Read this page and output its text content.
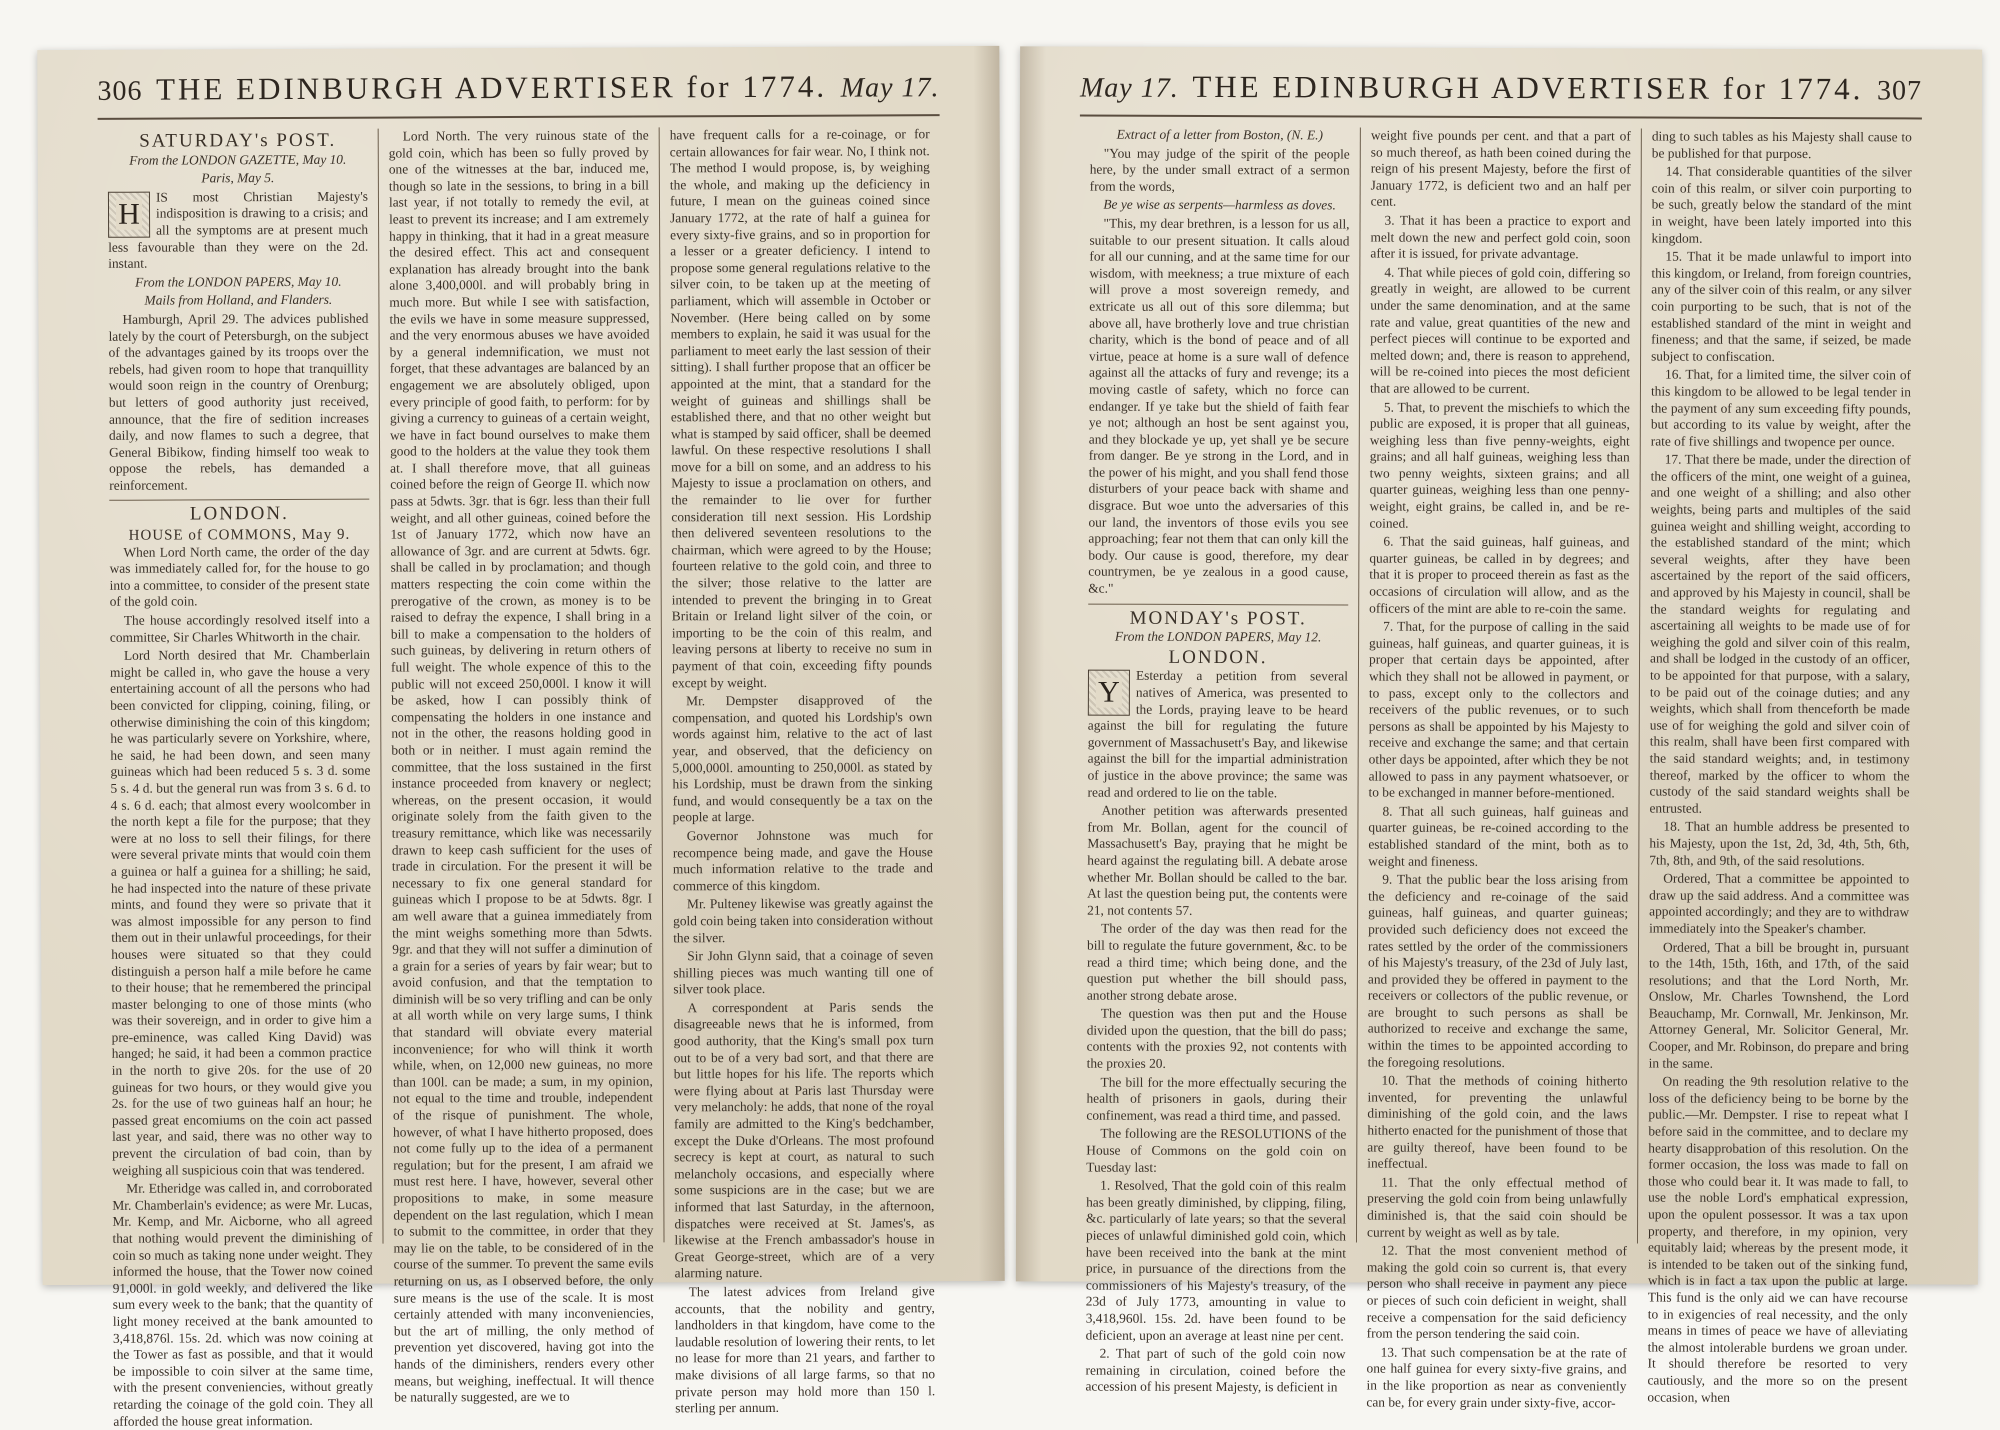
306 THE EDINBURGH ADVERTISER for 1774. May 17.
SATURDAY's POST.
From the LONDON GAZETTE, May 10.
Paris, May 5.
H

IS most Christian Majesty's indisposition is drawing to a crisis; and all the symptoms are at present much less favourable than they were on the 2d. instant.

From the LONDON PAPERS, May 10.
Mails from Holland, and Flanders.

Hamburgh, April 29. The advices published lately by the court of Petersburgh, on the subject of the advantages gained by its troops over the rebels, had given room to hope that tranquillity would soon reign in the country of Orenburg; but letters of good authority just received, announce, that the fire of sedition increases daily, and now flames to such a degree, that General Bibikow, finding himself too weak to oppose the rebels, has demanded a reinforcement.

LONDON.
HOUSE of COMMONS, May 9.

When Lord North came, the order of the day was immediately called for, for the house to go into a committee, to consider of the present state of the gold coin.

The house accordingly resolved itself into a committee, Sir Charles Whitworth in the chair.

Lord North desired that Mr. Chamberlain might be called in, who gave the house a very entertaining account of all the persons who had been convicted for clipping, coining, filing, or otherwise diminishing the coin of this kingdom; he was particularly severe on Yorkshire, where, he said, he had been down, and seen many guineas which had been reduced 5 s. 3 d. some 5 s. 4 d. but the general run was from 3 s. 6 d. to 4 s. 6 d. each; that almost every woolcomber in the north kept a file for the purpose; that they were at no loss to sell their filings, for there were several private mints that would coin them a guinea or half a guinea for a shilling; he said, he had inspected into the nature of these private mints, and found they were so private that it was almost impossible for any person to find them out in their unlawful proceedings, for their houses were situated so that they could distinguish a person half a mile before he came to their house; that he remembered the principal master belonging to one of those mints (who was their sovereign, and in order to give him a pre-eminence, was called King David) was hanged; he said, it had been a common practice in the north to give 20s. for the use of 20 guineas for two hours, or they would give you 2s. for the use of two guineas half an hour; he passed great encomiums on the coin act passed last year, and said, there was no other way to prevent the circulation of bad coin, than by weighing all suspicious coin that was tendered.

Mr. Etheridge was called in, and corroborated Mr. Chamberlain's evidence; as were Mr. Lucas, Mr. Kemp, and Mr. Aicborne, who all agreed that nothing would prevent the diminishing of coin so much as taking none under weight. They informed the house, that the Tower now coined 91,000l. in gold weekly, and delivered the like sum every week to the bank; that the quantity of light money received at the bank amounted to 3,418,876l. 15s. 2d. which was now coining at the Tower as fast as possible, and that it would be impossible to coin silver at the same time, with the present conveniencies, without greatly retarding the coinage of the gold coin. They all afforded the house great information.

Lord North. The very ruinous state of the gold coin, which has been so fully proved by one of the witnesses at the bar, induced me, though so late in the sessions, to bring in a bill last year, if not totally to remedy the evil, at least to prevent its increase; and I am extremely happy in thinking, that it had in a great measure the desired effect. This act and consequent explanation has already brought into the bank alone 3,400,000l. and will probably bring in much more. But while I see with satisfaction, the evils we have in some measure suppressed, and the very enormous abuses we have avoided by a general indemnification, we must not forget, that these advantages are balanced by an engagement we are absolutely obliged, upon every principle of good faith, to perform: for by giving a currency to guineas of a certain weight, we have in fact bound ourselves to make them good to the holders at the value they took them at. I shall therefore move, that all guineas coined before the reign of George II. which now pass at 5dwts. 3gr. that is 6gr. less than their full weight, and all other guineas, coined before the 1st of January 1772, which now have an allowance of 3gr. and are current at 5dwts. 6gr. shall be called in by proclamation; and though matters respecting the coin come within the prerogative of the crown, as money is to be raised to defray the expence, I shall bring in a bill to make a compensation to the holders of such guineas, by delivering in return others of full weight. The whole expence of this to the public will not exceed 250,000l. I know it will be asked, how I can possibly think of compensating the holders in one instance and not in the other, the reasons holding good in both or in neither. I must again remind the committee, that the loss sustained in the first instance proceeded from knavery or neglect; whereas, on the present occasion, it would originate solely from the faith given to the treasury remittance, which like was necessarily drawn to keep cash sufficient for the uses of trade in circulation. For the present it will be necessary to fix one general standard for guineas which I propose to be at 5dwts. 8gr. I am well aware that a guinea immediately from the mint weighs something more than 5dwts. 9gr. and that they will not suffer a diminution of a grain for a series of years by fair wear; but to avoid confusion, and that the temptation to diminish will be so very trifling and can be only at all worth while on very large sums, I think that standard will obviate every material inconvenience; for who will think it worth while, when, on 12,000 new guineas, no more than 100l. can be made; a sum, in my opinion, not equal to the time and trouble, independent of the risque of punishment. The whole, however, of what I have hitherto proposed, does not come fully up to the idea of a permanent regulation; but for the present, I am afraid we must rest here. I have, however, several other propositions to make, in some measure dependent on the last regulation, which I mean to submit to the committee, in order that they may lie on the table, to be considered of in the course of the summer. To prevent the same evils returning on us, as I observed before, the only sure means is the use of the scale. It is most certainly attended with many inconveniencies, but the art of milling, the only method of prevention yet discovered, having got into the hands of the diminishers, renders every other means, but weighing, ineffectual. It will thence be naturally suggested, are we to

have frequent calls for a re-coinage, or for certain allowances for fair wear. No, I think not. The method I would propose, is, by weighing the whole, and making up the deficiency in future, I mean on the guineas coined since January 1772, at the rate of half a guinea for every sixty-five grains, and so in proportion for a lesser or a greater deficiency. I intend to propose some general regulations relative to the silver coin, to be taken up at the meeting of parliament, which will assemble in October or November. (Here being called on by some members to explain, he said it was usual for the parliament to meet early the last session of their sitting). I shall further propose that an officer be appointed at the mint, that a standard for the weight of guineas and shillings shall be established there, and that no other weight but what is stamped by said officer, shall be deemed lawful. On these respective resolutions I shall move for a bill on some, and an address to his Majesty to issue a proclamation on others, and the remainder to lie over for further consideration till next session. His Lordship then delivered seventeen resolutions to the chairman, which were agreed to by the House; fourteen relative to the gold coin, and three to the silver; those relative to the latter are intended to prevent the bringing in to Great Britain or Ireland light silver of the coin, or importing to be the coin of this realm, and leaving persons at liberty to receive no sum in payment of that coin, exceeding fifty pounds except by weight.

Mr. Dempster disapproved of the compensation, and quoted his Lordship's own words against him, relative to the act of last year, and observed, that the deficiency on 5,000,000l. amounting to 250,000l. as stated by his Lordship, must be drawn from the sinking fund, and would consequently be a tax on the people at large.

Governor Johnstone was much for recompence being made, and gave the House much information relative to the trade and commerce of this kingdom.

Mr. Pulteney likewise was greatly against the gold coin being taken into consideration without the silver.

Sir John Glynn said, that a coinage of seven shilling pieces was much wanting till one of silver took place.

A correspondent at Paris sends the disagreeable news that he is informed, from good authority, that the King's small pox turn out to be of a very bad sort, and that there are but little hopes for his life. The reports which were flying about at Paris last Thursday were very melancholy: he adds, that none of the royal family are admitted to the King's bedchamber, except the Duke d'Orleans. The most profound secrecy is kept at court, as natural to such melancholy occasions, and especially where some suspicions are in the case; but we are informed that last Saturday, in the afternoon, dispatches were received at St. James's, as likewise at the French ambassador's house in Great George-street, which are of a very alarming nature.

The latest advices from Ireland give accounts, that the nobility and gentry, landholders in that kingdom, have come to the laudable resolution of lowering their rents, to let no lease for more than 21 years, and farther to make divisions of all large farms, so that no private person may hold more than 150 l. sterling per annum.

May 17. THE EDINBURGH ADVERTISER for 1774. 307
Extract of a letter from Boston, (N. E.)

"You may judge of the spirit of the people here, by the under small extract of a sermon from the words,

Be ye wise as serpents—harmless as doves.

"This, my dear brethren, is a lesson for us all, suitable to our present situation. It calls aloud for all our cunning, and at the same time for our wisdom, with meekness; a true mixture of each will prove a most sovereign remedy, and extricate us all out of this sore dilemma; but above all, have brotherly love and true christian charity, which is the bond of peace and of all virtue, peace at home is a sure wall of defence against all the attacks of fury and revenge; its a moving castle of safety, which no force can endanger. If ye take but the shield of faith fear ye not; although an host be sent against you, and they blockade ye up, yet shall ye be secure from danger. Be ye strong in the Lord, and in the power of his might, and you shall fend those disturbers of your peace back with shame and disgrace. But woe unto the adversaries of this our land, the inventors of those evils you see approaching; fear not them that can only kill the body. Our cause is good, therefore, my dear countrymen, be ye zealous in a good cause, &c."

MONDAY's POST.
From the LONDON PAPERS, May 12.
LONDON.
Y	Esterday a petition from several natives of America, was presented to the Lords, praying leave to be heard against the bill for regulating the future government of Massachusett's Bay, and likewise against the bill for the impartial administration of justice in the above province; the same was read and ordered to lie on the table.

Another petition was afterwards presented from Mr. Bollan, agent for the council of Massachusett's Bay, praying that he might be heard against the regulating bill. A debate arose whether Mr. Bollan should be called to the bar. At last the question being put, the contents were 21, not contents 57.

The order of the day was then read for the bill to regulate the future government, &c. to be read a third time; which being done, and the question put whether the bill should pass, another strong debate arose.

The question was then put and the House divided upon the question, that the bill do pass; contents with the proxies 92, not contents with the proxies 20.

The bill for the more effectually securing the health of prisoners in gaols, during their confinement, was read a third time, and passed.

The following are the RESOLUTIONS of the House of Commons on the gold coin on Tuesday last:

1. Resolved, That the gold coin of this realm has been greatly diminished, by clipping, filing, &c. particularly of late years; so that the several pieces of unlawful diminished gold coin, which have been received into the bank at the mint price, in pursuance of the directions from the commissioners of his Majesty's treasury, of the 23d of July 1773, amounting in value to 3,418,960l. 15s. 2d. have been found to be deficient, upon an average at least nine per cent.

2. That part of such of the gold coin now remaining in circulation, coined before the accession of his present Majesty, is deficient in

weight five pounds per cent. and that a part of so much thereof, as hath been coined during the reign of his present Majesty, before the first of January 1772, is deficient two and an half per cent.

3. That it has been a practice to export and melt down the new and perfect gold coin, soon after it is issued, for private advantage.

4. That while pieces of gold coin, differing so greatly in weight, are allowed to be current under the same denomination, and at the same rate and value, great quantities of the new and perfect pieces will continue to be exported and melted down; and, there is reason to apprehend, will be re-coined into pieces the most deficient that are allowed to be current.

5. That, to prevent the mischiefs to which the public are exposed, it is proper that all guineas, weighing less than five penny-weights, eight grains; and all half guineas, weighing less than two penny weights, sixteen grains; and all quarter guineas, weighing less than one penny-weight, eight grains, be called in, and be re-coined.

6. That the said guineas, half guineas, and quarter guineas, be called in by degrees; and that it is proper to proceed therein as fast as the occasions of circulation will allow, and as the officers of the mint are able to re-coin the same.

7. That, for the purpose of calling in the said guineas, half guineas, and quarter guineas, it is proper that certain days be appointed, after which they shall not be allowed in payment, or to pass, except only to the collectors and receivers of the public revenues, or to such persons as shall be appointed by his Majesty to receive and exchange the same; and that certain other days be appointed, after which they be not allowed to pass in any payment whatsoever, or to be exchanged in manner before-mentioned.

8. That all such guineas, half guineas and quarter guineas, be re-coined according to the established standard of the mint, both as to weight and fineness.

9. That the public bear the loss arising from the deficiency and re-coinage of the said guineas, half guineas, and quarter guineas; provided such deficiency does not exceed the rates settled by the order of the commissioners of his Majesty's treasury, of the 23d of July last, and provided they be offered in payment to the receivers or collectors of the public revenue, or are brought to such persons as shall be authorized to receive and exchange the same, within the times to be appointed according to the foregoing resolutions.

10. That the methods of coining hitherto invented, for preventing the unlawful diminishing of the gold coin, and the laws hitherto enacted for the punishment of those that are guilty thereof, have been found to be ineffectual.

11. That the only effectual method of preserving the gold coin from being unlawfully diminished is, that the said coin should be current by weight as well as by tale.

12. That the most convenient method of making the gold coin so current is, that every person who shall receive in payment any piece or pieces of such coin deficient in weight, shall receive a compensation for the said deficiency from the person tendering the said coin.

13. That such compensation be at the rate of one half guinea for every sixty-five grains, and in the like proportion as near as conveniently can be, for every grain under sixty-five, accor-

ding to such tables as his Majesty shall cause to be published for that purpose.

14. That considerable quantities of the silver coin of this realm, or silver coin purporting to be such, greatly below the standard of the mint in weight, have been lately imported into this kingdom.

15. That it be made unlawful to import into this kingdom, or Ireland, from foreign countries, any of the silver coin of this realm, or any silver coin purporting to be such, that is not of the established standard of the mint in weight and fineness; and that the same, if seized, be made subject to confiscation.

16. That, for a limited time, the silver coin of this kingdom to be allowed to be legal tender in the payment of any sum exceeding fifty pounds, but according to its value by weight, after the rate of five shillings and twopence per ounce.

17. That there be made, under the direction of the officers of the mint, one weight of a guinea, and one weight of a shilling; and also other weights, being parts and multiples of the said guinea weight and shilling weight, according to the established standard of the mint; which several weights, after they have been ascertained by the report of the said officers, and approved by his Majesty in council, shall be the standard weights for regulating and ascertaining all weights to be made use of for weighing the gold and silver coin of this realm, and shall be lodged in the custody of an officer, to be appointed for that purpose, with a salary, to be paid out of the coinage duties; and any weights, which shall from thenceforth be made use of for weighing the gold and silver coin of this realm, shall have been first compared with the said standard weights; and, in testimony thereof, marked by the officer to whom the custody of the said standard weights shall be entrusted.

18. That an humble address be presented to his Majesty, upon the 1st, 2d, 3d, 4th, 5th, 6th, 7th, 8th, and 9th, of the said resolutions.

Ordered, That a committee be appointed to draw up the said address. And a committee was appointed accordingly; and they are to withdraw immediately into the Speaker's chamber.

Ordered, That a bill be brought in, pursuant to the 14th, 15th, 16th, and 17th, of the said resolutions; and that the Lord North, Mr. Onslow, Mr. Charles Townshend, the Lord Beauchamp, Mr. Cornwall, Mr. Jenkinson, Mr. Attorney General, Mr. Solicitor General, Mr. Cooper, and Mr. Robinson, do prepare and bring in the same.

On reading the 9th resolution relative to the loss of the deficiency being to be borne by the public.—Mr. Dempster. I rise to repeat what I before said in the committee, and to declare my hearty disapprobation of this resolution. On the former occasion, the loss was made to fall on those who could bear it. It was made to fall, to use the noble Lord's emphatical expression, upon the opulent possessor. It was a tax upon property, and therefore, in my opinion, very equitably laid; whereas by the present mode, it is intended to be taken out of the sinking fund, which is in fact a tax upon the public at large. This fund is the only aid we can have recourse to in exigencies of real necessity, and the only means in times of peace we have of alleviating the almost intolerable burdens we groan under. It should therefore be resorted to very cautiously, and the more so on the present occasion, when
